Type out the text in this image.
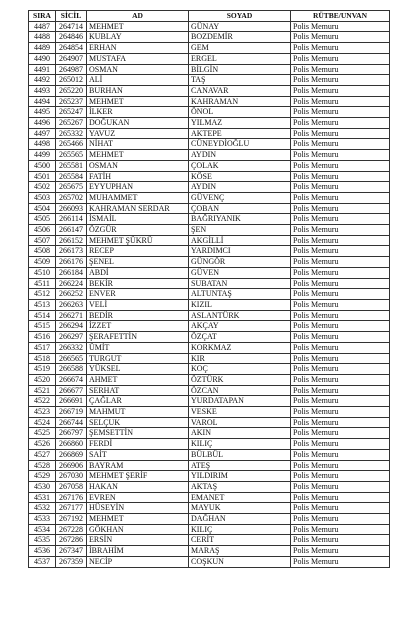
SIRA	SİCİL	AD	SOYAD	RÜTBE/UNVAN
4487	264714	MEHMET	GÜNAY	Polis Memuru
4488	264846	KUBLAY	BOZDEMİR	Polis Memuru
4489	264854	ERHAN	GEM	Polis Memuru
4490	264907	MUSTAFA	ERGEL	Polis Memuru
4491	264987	OSMAN	BİLGİN	Polis Memuru
4492	265012	ALİ	TAŞ	Polis Memuru
4493	265220	BURHAN	CANAVAR	Polis Memuru
4494	265237	MEHMET	KAHRAMAN	Polis Memuru
4495	265247	İLKER	ÖNOL	Polis Memuru
4496	265267	DOĞUKAN	YILMAZ	Polis Memuru
4497	265332	YAVUZ	AKTEPE	Polis Memuru
4498	265466	NİHAT	CÜNEYDİOĞLU	Polis Memuru
4499	265565	MEHMET	AYDIN	Polis Memuru
4500	265581	OSMAN	ÇOLAK	Polis Memuru
4501	265584	FATİH	KÖSE	Polis Memuru
4502	265675	EYYUPHAN	AYDIN	Polis Memuru
4503	265702	MUHAMMET	GÜVENÇ	Polis Memuru
4504	266093	KAHRAMAN SERDAR	ÇOBAN	Polis Memuru
4505	266114	İSMAİL	BAĞRIYANIK	Polis Memuru
4506	266147	ÖZGÜR	ŞEN	Polis Memuru
4507	266152	MEHMET ŞÜKRÜ	AKGİLLİ	Polis Memuru
4508	266173	RECEP	YARDIMCI	Polis Memuru
4509	266176	ŞENEL	GÜNGÖR	Polis Memuru
4510	266184	ABDİ	GÜVEN	Polis Memuru
4511	266224	BEKİR	SUBATAN	Polis Memuru
4512	266252	ENVER	ALTUNTAŞ	Polis Memuru
4513	266263	VELİ	KIZIL	Polis Memuru
4514	266271	BEDİR	ASLANTÜRK	Polis Memuru
4515	266294	İZZET	AKÇAY	Polis Memuru
4516	266297	ŞERAFETTİN	ÖZÇAT	Polis Memuru
4517	266332	ÜMİT	KORKMAZ	Polis Memuru
4518	266565	TURGUT	KIR	Polis Memuru
4519	266588	YÜKSEL	KOÇ	Polis Memuru
4520	266674	AHMET	ÖZTÜRK	Polis Memuru
4521	266677	SERHAT	ÖZCAN	Polis Memuru
4522	266691	ÇAĞLAR	YURDATAPAN	Polis Memuru
4523	266719	MAHMUT	VESKE	Polis Memuru
4524	266744	SELÇUK	VAROL	Polis Memuru
4525	266797	ŞEMSETTİN	AKIN	Polis Memuru
4526	266860	FERDİ	KILIÇ	Polis Memuru
4527	266869	SAİT	BÜLBÜL	Polis Memuru
4528	266906	BAYRAM	ATEŞ	Polis Memuru
4529	267030	MEHMET ŞERİF	YILDIRIM	Polis Memuru
4530	267058	HAKAN	AKTAŞ	Polis Memuru
4531	267176	EVREN	EMANET	Polis Memuru
4532	267177	HÜSEYİN	MAYUK	Polis Memuru
4533	267192	MEHMET	DAĞHAN	Polis Memuru
4534	267228	GÖKHAN	KILIÇ	Polis Memuru
4535	267286	ERSİN	CERİT	Polis Memuru
4536	267347	İBRAHİM	MARAŞ	Polis Memuru
4537	267359	NECİP	COŞKUN	Polis Memuru
